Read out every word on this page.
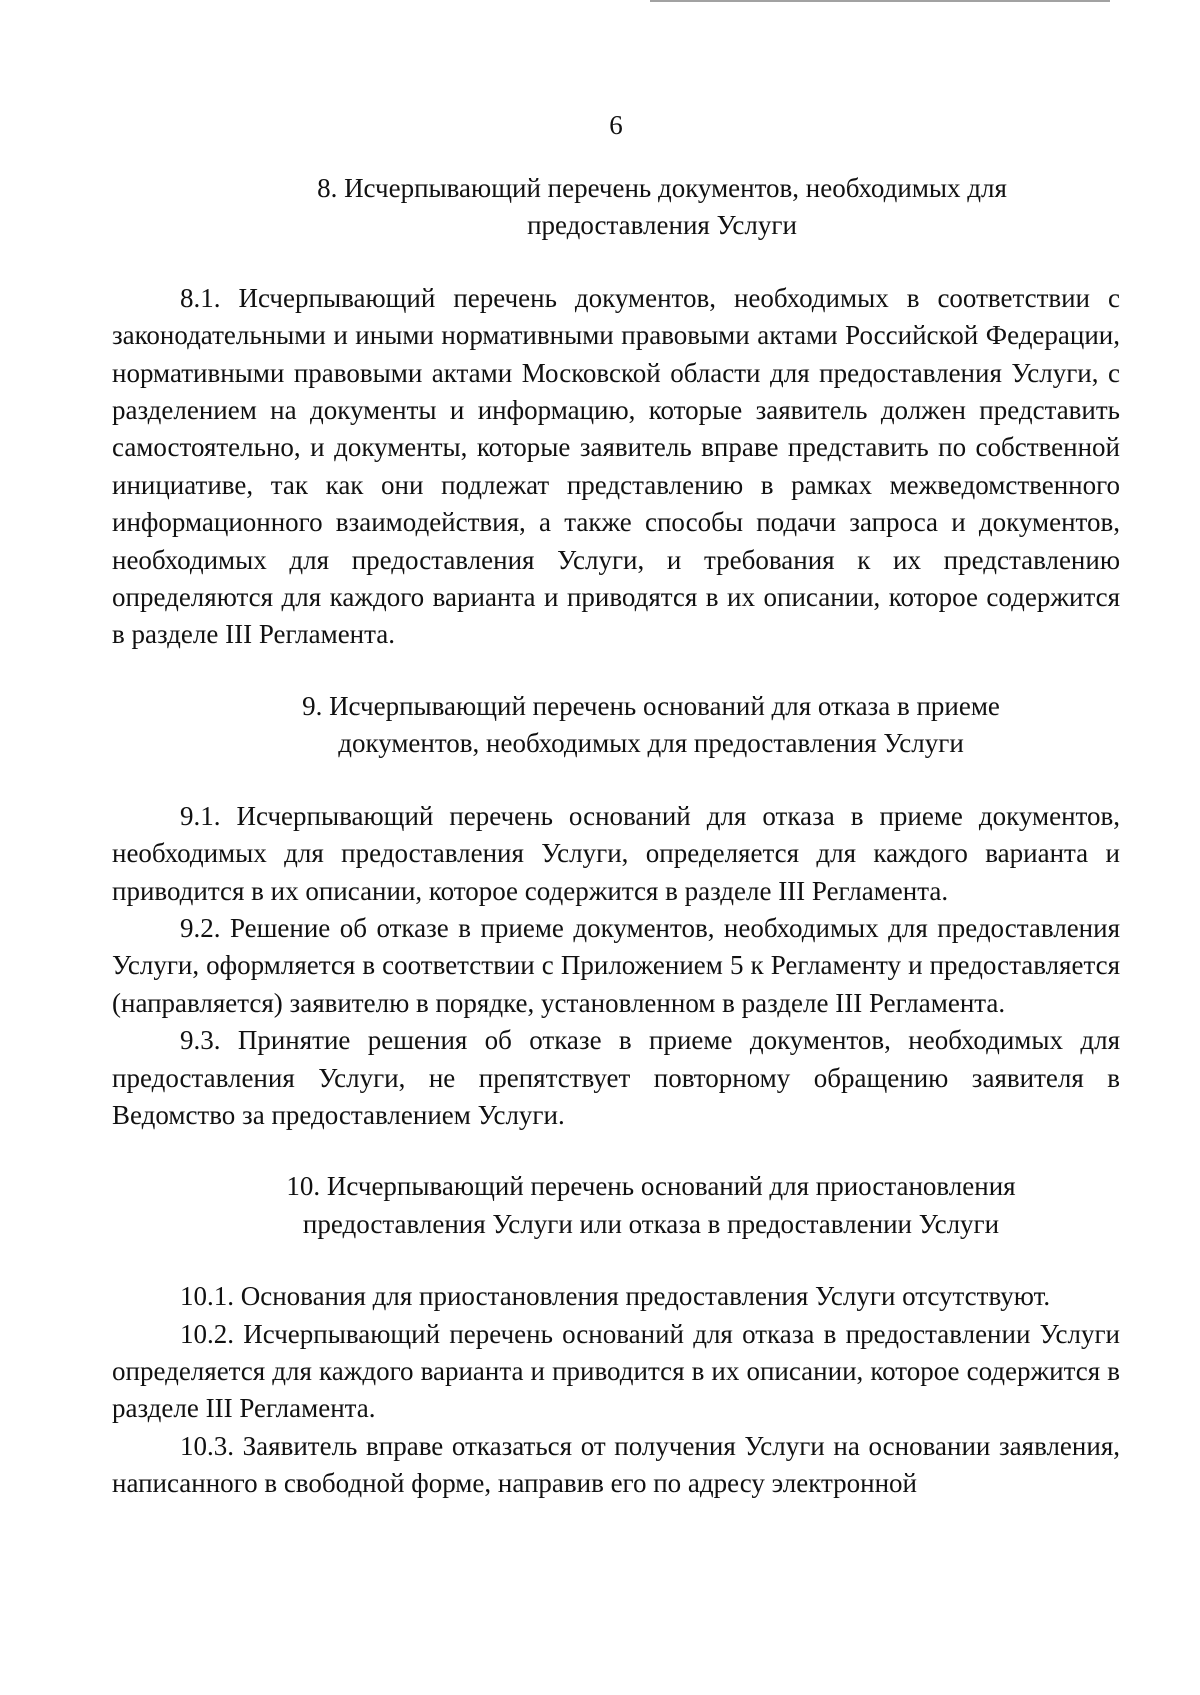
6
8. Исчерпывающий перечень документов, необходимых для предоставления Услуги

8.1. Исчерпывающий перечень документов, необходимых в соответствии с законодательными и иными нормативными правовыми актами Российской Федерации, нормативными правовыми актами Московской области для предоставления Услуги, с разделением на документы и информацию, которые заявитель должен представить самостоятельно, и документы, которые заявитель вправе представить по собственной инициативе, так как они подлежат представлению в рамках межведомственного информационного взаимодействия, а также способы подачи запроса и документов, необходимых для предоставления Услуги, и требования к их представлению определяются для каждого варианта и приводятся в их описании, которое содержится в разделе III Регламента.

9. Исчерпывающий перечень оснований для отказа в приеме документов, необходимых для предоставления Услуги

9.1. Исчерпывающий перечень оснований для отказа в приеме документов, необходимых для предоставления Услуги, определяется для каждого варианта и приводится в их описании, которое содержится в разделе III Регламента.

9.2. Решение об отказе в приеме документов, необходимых для предоставления Услуги, оформляется в соответствии с Приложением 5 к Регламенту и предоставляется (направляется) заявителю в порядке, установленном в разделе III Регламента.

9.3. Принятие решения об отказе в приеме документов, необходимых для предоставления Услуги, не препятствует повторному обращению заявителя в Ведомство за предоставлением Услуги.

10. Исчерпывающий перечень оснований для приостановления предоставления Услуги или отказа в предоставлении Услуги

10.1. Основания для приостановления предоставления Услуги отсутствуют.

10.2. Исчерпывающий перечень оснований для отказа в предоставлении Услуги определяется для каждого варианта и приводится в их описании, которое содержится в разделе III Регламента.

10.3. Заявитель вправе отказаться от получения Услуги на основании заявления, написанного в свободной форме, направив его по адресу электронной
